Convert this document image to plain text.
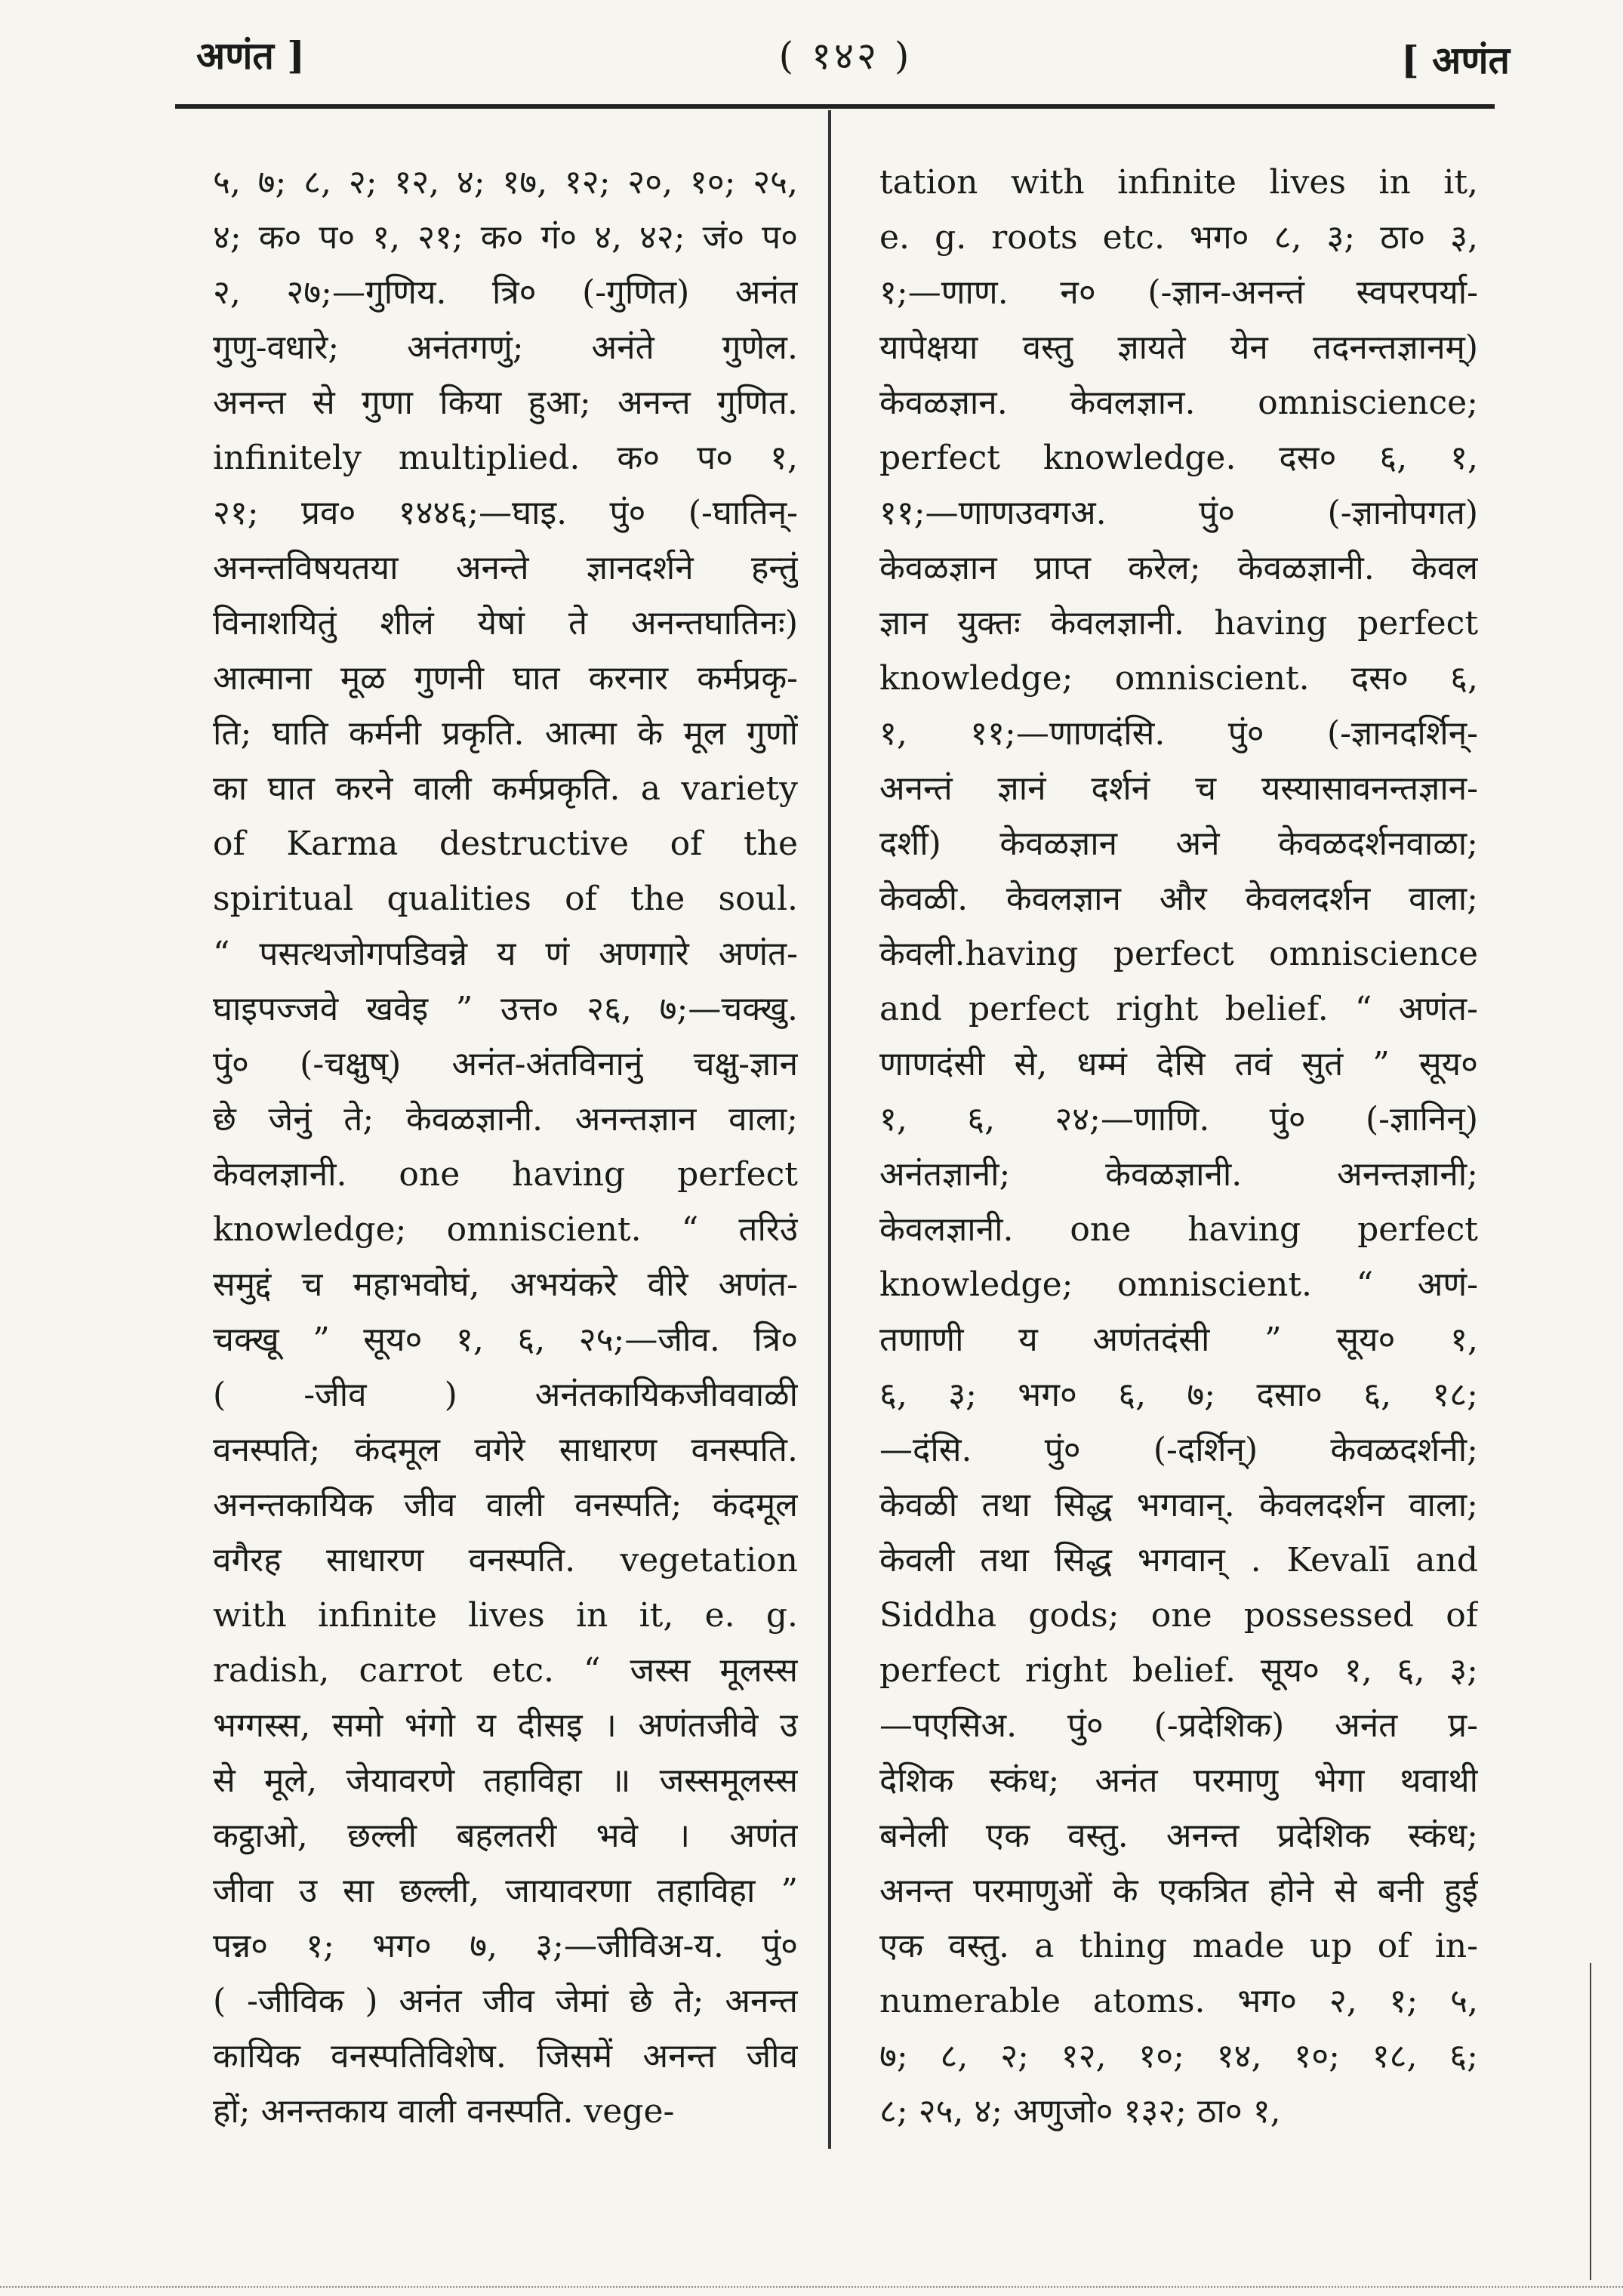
अणंत ]	( १४२ )	[ अणंत
५, ७; ८, २; १२, ४; १७, १२; २०, १०; २५,
४; क० प० १, २१; क० गं० ४, ४२; जं० प०
२, २७;—गुणिय. त्रि० (-गुणित) अनंत
गुणु-वधारे; अनंतगणुं; अनंते गुणेल.
अनन्त से गुणा किया हुआ; अनन्त गुणित.
infinitely multiplied. क० प० १,
२१; प्रव० १४४६;—घाइ. पुं० (-घातिन्-
अनन्तविषयतया अनन्ते ज्ञानदर्शने हन्तुं
विनाशयितुं शीलं येषां ते अनन्तघातिनः)
आत्माना मूळ गुणनी घात करनार कर्मप्रकृ-
ति; घाति कर्मनी प्रकृति. आत्मा के मूल गुणों
का घात करने वाली कर्मप्रकृति. a variety
of Karma destructive of the
spiritual qualities of the soul.
“ पसत्थजोगपडिवन्ने य णं अणगारे अणंत-
घाइपज्जवे खवेइ ” उत्त० २६, ७;—चक्खु.
पुं० (-चक्षुष्) अनंत-अंतविनानुं चक्षु-ज्ञान
छे जेनुं ते; केवळज्ञानी. अनन्तज्ञान वाला;
केवलज्ञानी. one having perfect
knowledge; omniscient. “ तरिउं
समुद्दं च महाभवोघं, अभयंकरे वीरे अणंत-
चक्खू ” सूय० १, ६, २५;—जीव. त्रि०
( -जीव ) अनंतकायिकजीववाळी
वनस्पति; कंदमूल वगेरे साधारण वनस्पति.
अनन्तकायिक जीव वाली वनस्पति; कंदमूल
वगैरह साधारण वनस्पति. vegetation
with infinite lives in it, e. g.
radish, carrot etc. “ जस्स मूलस्स
भग्गस्स, समो भंगो य दीसइ । अणंतजीवे उ
से मूले, जेयावरणे तहाविहा ॥ जस्समूलस्स
कट्ठाओ, छल्ली बहलतरी भवे । अणंत
जीवा उ सा छल्ली, जायावरणा तहाविहा ”
पन्न० १; भग० ७, ३;—जीविअ-य. पुं०
( -जीविक ) अनंत जीव जेमां छे ते; अनन्त
कायिक वनस्पतिविशेष. जिसमें अनन्त जीव
हों; अनन्तकाय वाली वनस्पति. vege-
tation with infinite lives in it,
e. g. roots etc. भग० ८, ३; ठा० ३,
१;—णाण. न० (-ज्ञान-अनन्तं स्वपरपर्या-
यापेक्षया वस्तु ज्ञायते येन तदनन्तज्ञानम्)
केवळज्ञान. केवलज्ञान. omniscience;
perfect knowledge. दस० ६, १,
११;—णाणउवगअ. पुं० (-ज्ञानोपगत)
केवळज्ञान प्राप्त करेल; केवळज्ञानी. केवल
ज्ञान युक्तः केवलज्ञानी. having perfect
knowledge; omniscient. दस० ६,
१, ११;—णाणदंसि. पुं० (-ज्ञानदर्शिन्-
अनन्तं ज्ञानं दर्शनं च यस्यासावनन्तज्ञान-
दर्शी) केवळज्ञान अने केवळदर्शनवाळा;
केवळी. केवलज्ञान और केवलदर्शन वाला;
केवली.having perfect omniscience
and perfect right belief. “ अणंत-
णाणदंसी से, धम्मं देसि तवं सुतं ” सूय०
१, ६, २४;—णाणि. पुं० (-ज्ञानिन्)
अनंतज्ञानी; केवळज्ञानी. अनन्तज्ञानी;
केवलज्ञानी. one having perfect
knowledge; omniscient. “ अणं-
तणाणी य अणंतदंसी ” सूय० १,
६, ३; भग० ६, ७; दसा० ६, १८;
—दंसि. पुं० (-दर्शिन्) केवळदर्शनी;
केवळी तथा सिद्ध भगवान्. केवलदर्शन वाला;
केवली तथा सिद्ध भगवान् . Kevalī and
Siddha gods; one possessed of
perfect right belief. सूय० १, ६, ३;
—पएसिअ. पुं० (-प्रदेशिक) अनंत प्र-
देशिक स्कंध; अनंत परमाणु भेगा थवाथी
बनेली एक वस्तु. अनन्त प्रदेशिक स्कंध;
अनन्त परमाणुओं के एकत्रित होने से बनी हुई
एक वस्तु. a thing made up of in-
numerable atoms. भग० २, १; ५,
७; ८, २; १२, १०; १४, १०; १८, ६;
८; २५, ४; अणुजो० १३२; ठा० १,
